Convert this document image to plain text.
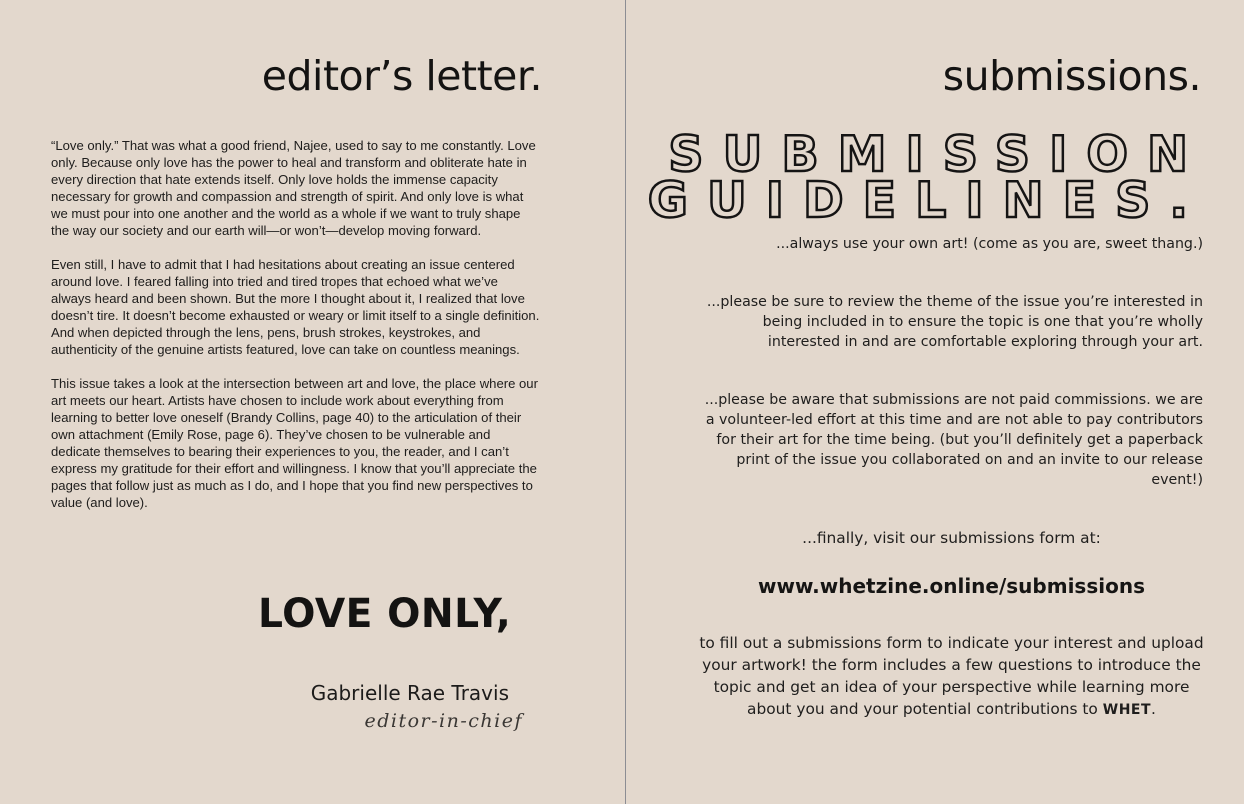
editor’s letter.

“Love only.” That was what a good friend, Najee, used to say to me constantly. Love only. Because only love has the power to heal and transform and obliterate hate in every direction that hate extends itself. Only love holds the immense capacity necessary for growth and compassion and strength of spirit. And only love is what we must pour into one another and the world as a whole if we want to truly shape the way our society and our earth will—or won’t—develop moving forward.

Even still, I have to admit that I had hesitations about creating an issue centered around love. I feared falling into tried and tired tropes that echoed what we’ve always heard and been shown. But the more I thought about it, I realized that love doesn’t tire. It doesn’t become exhausted or weary or limit itself to a single definition. And when depicted through the lens, pens, brush strokes, keystrokes, and authenticity of the genuine artists featured, love can take on countless meanings.

This issue takes a look at the intersection between art and love, the place where our art meets our heart. Artists have chosen to include work about everything from learning to better love oneself (Brandy Collins, page 40) to the articulation of their own attachment (Emily Rose, page 6). They’ve chosen to be vulnerable and dedicate themselves to bearing their experiences to you, the reader, and I can’t express my gratitude for their effort and willingness. I know that you’ll appreciate the pages that follow just as much as I do, and I hope that you find new perspectives to value (and love).

LOVE ONLY,
Gabrielle Rae Travis
editor-in-chief
submissions.
SUBMISSION
GUIDELINES.
...always use your own art! (come as you are, sweet thang.)
...please be sure to review the theme of the issue you’re interested in being included in to ensure the topic is one that you’re wholly interested in and are comfortable exploring through your art.
...please be aware that submissions are not paid commissions. we are a volunteer-led effort at this time and are not able to pay contributors for their art for the time being. (but you’ll definitely get a paperback print of the issue you collaborated on and an invite to our release event!)
...finally, visit our submissions form at:
www.whetzine.online/submissions
to fill out a submissions form to indicate your interest and upload your artwork! the form includes a few questions to introduce the topic and get an idea of your perspective while learning more about you and your potential contributions to WHET.
